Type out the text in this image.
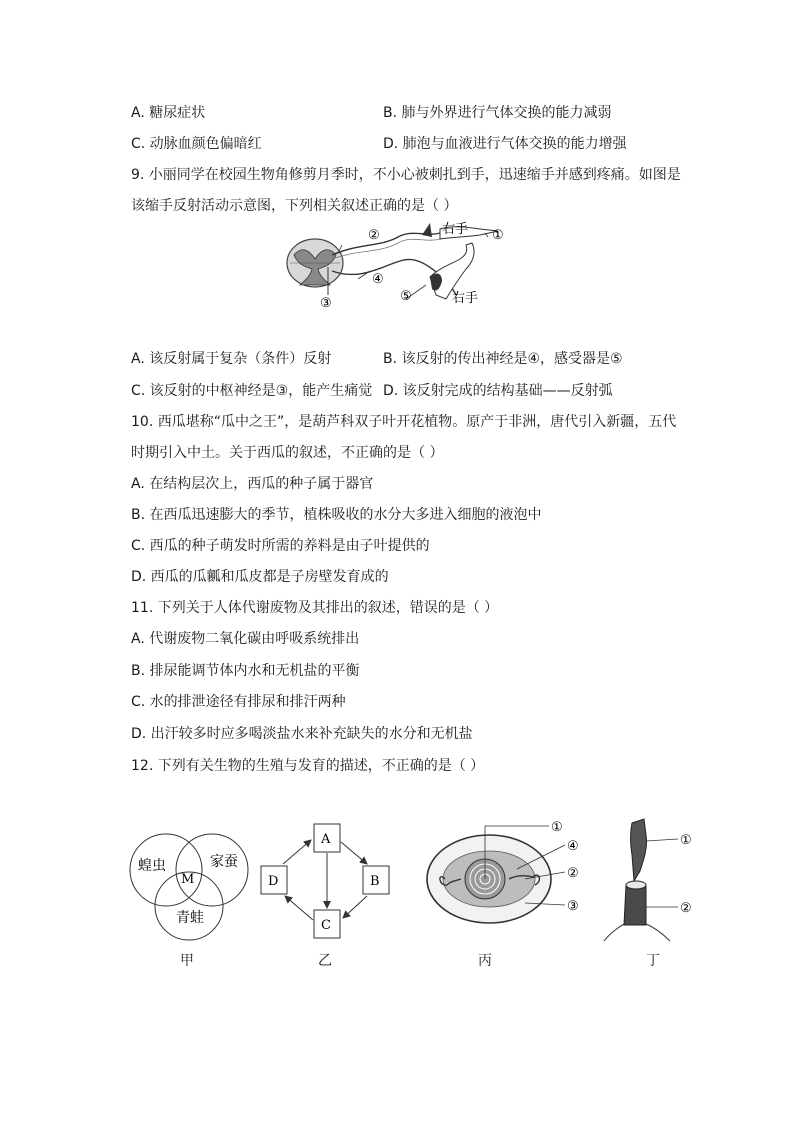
A. 糖尿症状	B. 肺与外界进行气体交换的能力减弱
C. 动脉血颜色偏暗红	D. 肺泡与血液进行气体交换的能力增强
9. 小丽同学在校园生物角修剪月季时，不小心被刺扎到手，迅速缩手并感到疼痛。如图是
该缩手反射活动示意图，下列相关叙述正确的是（ ）
②	右手 ①
④
③	⑤	右手
A. 该反射属于复杂（条件）反射	B. 该反射的传出神经是④，感受器是⑤
C. 该反射的中枢神经是③，能产生痛觉 D. 该反射完成的结构基础——反射弧
10. 西瓜堪称“瓜中之王”，是葫芦科双子叶开花植物。原产于非洲，唐代引入新疆，五代
时期引入中土。关于西瓜的叙述，不正确的是（ ）
A. 在结构层次上，西瓜的种子属于器官
B. 在西瓜迅速膨大的季节，植株吸收的水分大多进入细胞的液泡中
C. 西瓜的种子萌发时所需的养料是由子叶提供的
D. 西瓜的瓜瓤和瓜皮都是子房壁发育成的
11. 下列关于人体代谢废物及其排出的叙述，错误的是（ ）
A. 代谢废物二氧化碳由呼吸系统排出
B. 排尿能调节体内水和无机盐的平衡
C. 水的排泄途径有排尿和排汗两种
D. 出汗较多时应多喝淡盐水来补充缺失的水分和无机盐
12. 下列有关生物的生殖与发育的描述，不正确的是（ ）
蝗虫	家蚕
M
青蛙
甲
A
B
C
D
乙
①
④
②
③
丙
①
②
丁
